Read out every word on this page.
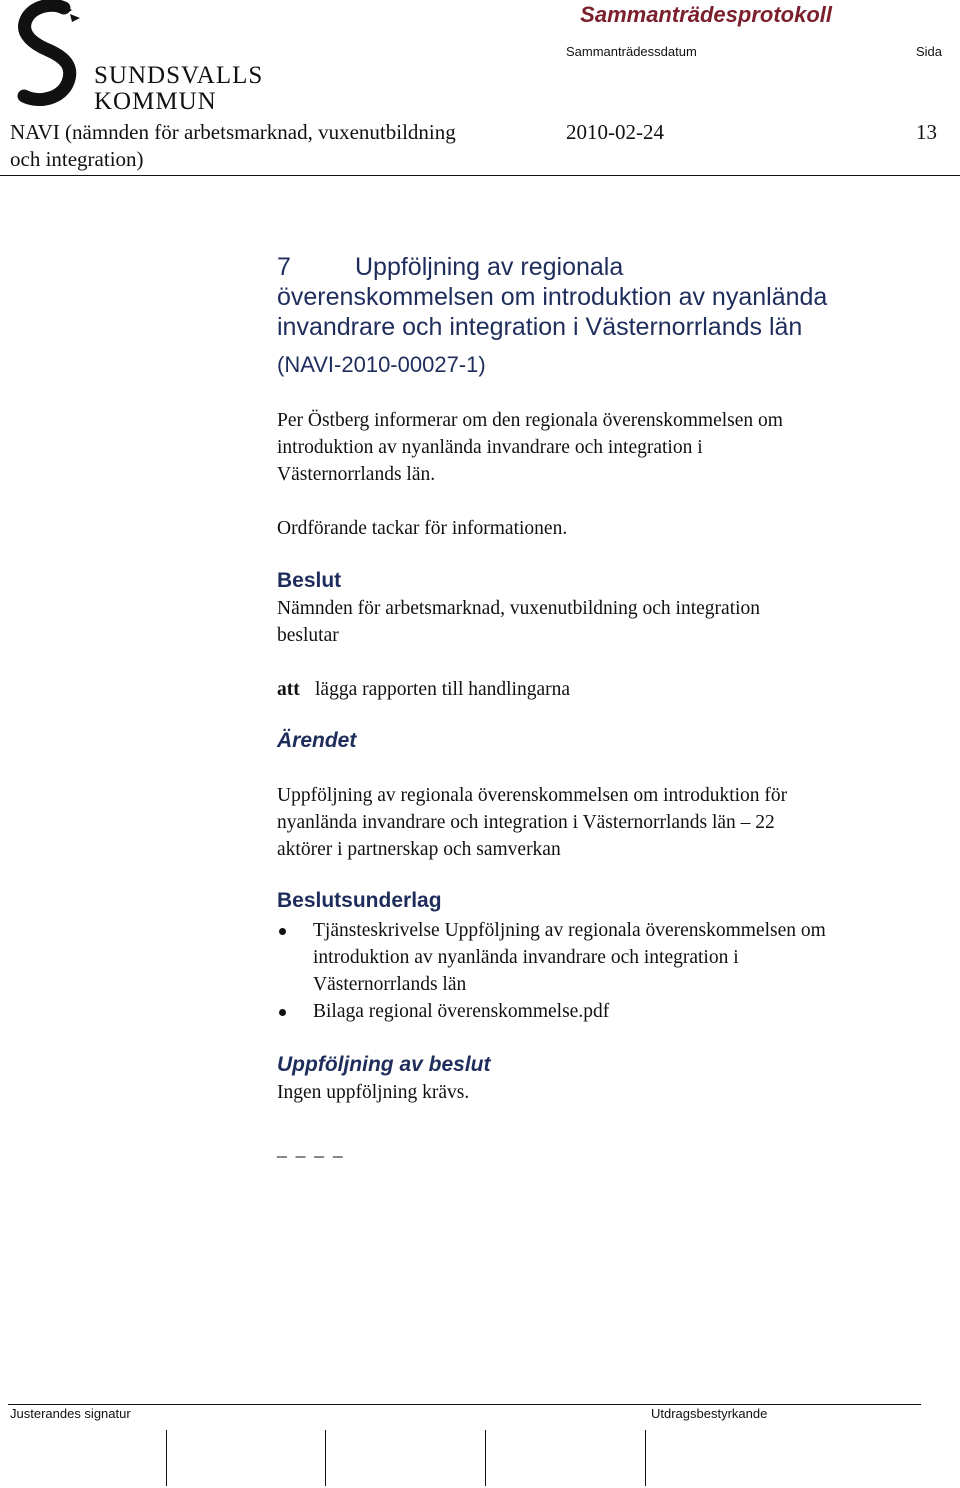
SUNDSVALLS
KOMMUN
Sammanträdesprotokoll
Sammanträdessdatum	Sida
NAVI (nämnden för arbetsmarknad, vuxenutbildning
och integration)
2010-02-24	13
7	Uppföljning av regionala
överenskommelsen om introduktion av nyanlända
invandrare och integration i Västernorrlands län
(NAVI-2010-00027-1)
Per Östberg informerar om den regionala överenskommelsen om
introduktion av nyanlända invandrare och integration i
Västernorrlands län.
Ordförande tackar för informationen.
Beslut
Nämnden för arbetsmarknad, vuxenutbildning och integration
beslutar
att lägga rapporten till handlingarna
Ärendet
Uppföljning av regionala överenskommelsen om introduktion för
nyanlända invandrare och integration i Västernorrlands län – 22
aktörer i partnerskap och samverkan
Beslutsunderlag
Tjänsteskrivelse Uppföljning av regionala överenskommelsen om
introduktion av nyanlända invandrare och integration i
Västernorrlands län
Bilaga regional överenskommelse.pdf
Uppföljning av beslut
Ingen uppföljning krävs.
_ _ _ _
Justerandes signatur	Utdragsbestyrkande
